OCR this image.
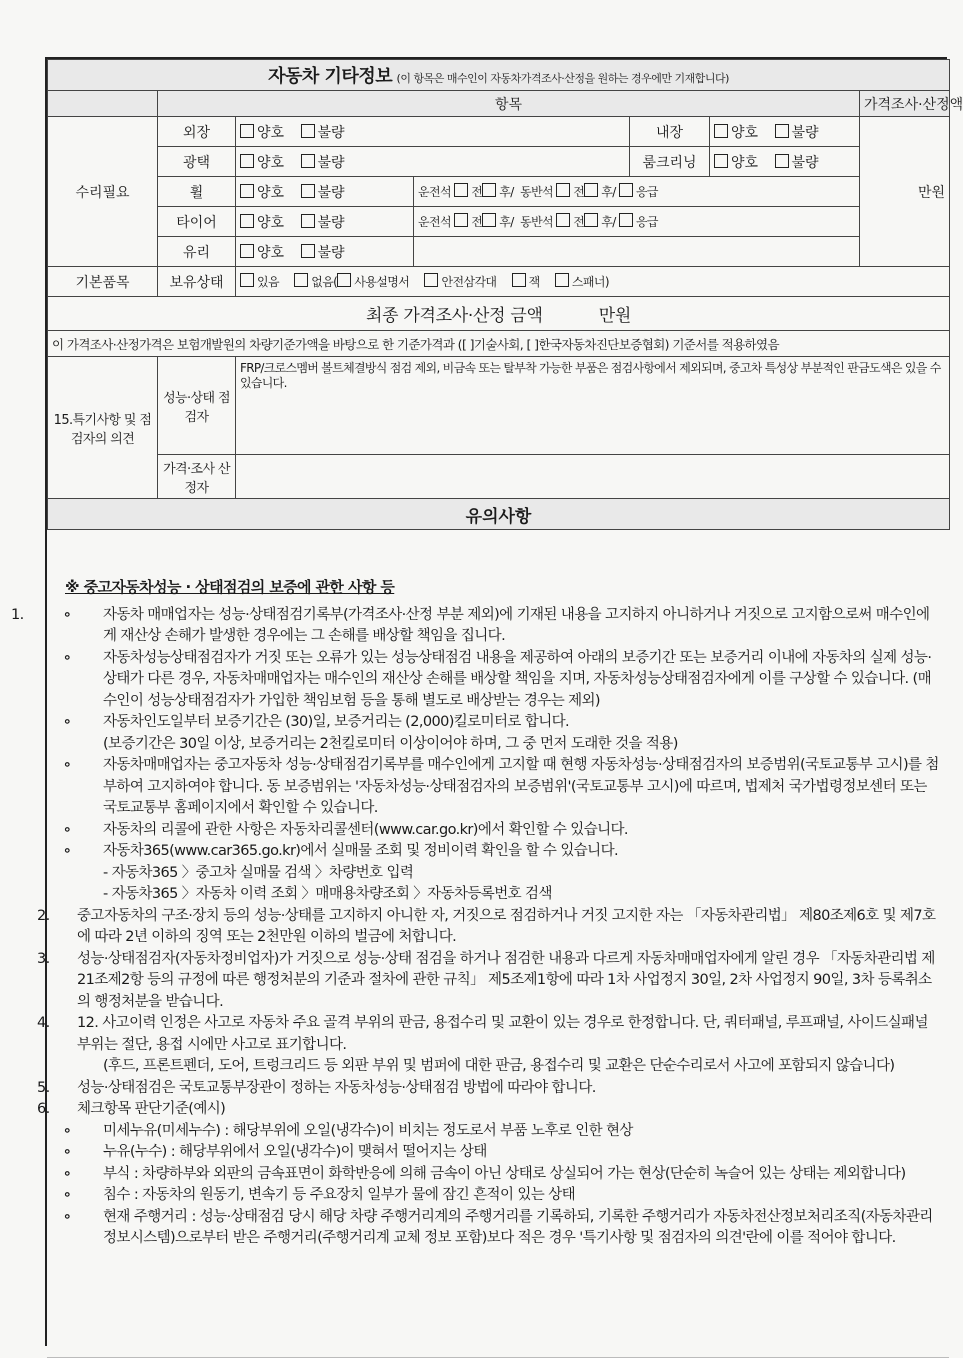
자동차 기타정보 (이 항목은 매수인이 자동차가격조사·산정을 원하는 경우에만 기재합니다)						
	항목					가격조사·산정액
수리필요	외장	양호 불량		내장	양호 불량	만원
	광택	양호 불량		룸크리닝	양호 불량	
	휠	양호 불량	운전석 전 후/ 동반석 전 후/ 응급			
	타이어	양호 불량	운전석 전 후/ 동반석 전 후/ 응급			
	유리	양호 불량				
기본품목	보유상태	있음 없음( 사용설명서 안전삼각대 잭 스패너)				
최종 가격조사·산정 금액 만원						
이 가격조사·산정가격은 보험개발원의 차량기준가액을 바탕으로 한 기준가격과 ([ ]기술사회, [ ]한국자동차진단보증협회) 기준서를 적용하였음						
15.특기사항 및 점검자의 의견	성능·상태 점검자	FRP/크로스멤버 볼트체결방식 점검 제외, 비금속 또는 탈부착 가능한 부품은 점검사항에서 제외되며, 중고차 특성상 부분적인 판금도색은 있을 수 있습니다.				
	가격·조사 산정자					
유의사항						
※ 중고자동차성능 · 상태점검의 보증에 관한 사항 등
1.	∘ 자동차 매매업자는 성능·상태점검기록부(가격조사·산정 부분 제외)에 기재된 내용을 고지하지 아니하거나 거짓으로 고지함으로써 매수인에게 재산상 손해가 발생한 경우에는 그 손해를 배상할 책임을 집니다.
∘ 자동차성능상태점검자가 거짓 또는 오류가 있는 성능상태점검 내용을 제공하여 아래의 보증기간 또는 보증거리 이내에 자동차의 실제 성능·상태가 다른 경우, 자동차매매업자는 매수인의 재산상 손해를 배상할 책임을 지며, 자동차성능상태점검자에게 이를 구상할 수 있습니다. (매수인이 성능상태점검자가 가입한 책임보험 등을 통해 별도로 배상받는 경우는 제외)
∘ 자동차인도일부터 보증기간은 (30)일, 보증거리는 (2,000)킬로미터로 합니다.
(보증기간은 30일 이상, 보증거리는 2천킬로미터 이상이어야 하며, 그 중 먼저 도래한 것을 적용)
∘ 자동차매매업자는 중고자동차 성능·상태점검기록부를 매수인에게 고지할 때 현행 자동차성능·상태점검자의 보증범위(국토교통부 고시)를 첨부하여 고지하여야 합니다. 동 보증범위는 '자동차성능·상태점검자의 보증범위'(국토교통부 고시)에 따르며, 법제처 국가법령정보센터 또는 국토교통부 홈페이지에서 확인할 수 있습니다.
∘ 자동차의 리콜에 관한 사항은 자동차리콜센터(www.car.go.kr)에서 확인할 수 있습니다.
∘ 자동차365(www.car365.go.kr)에서 실매물 조회 및 정비이력 확인을 할 수 있습니다.
- 자동차365 〉중고차 실매물 검색 〉차량번호 입력
- 자동차365 〉자동차 이력 조회 〉매매용차량조회 〉자동차등록번호 검색
2. 중고자동차의 구조·장치 등의 성능·상태를 고지하지 아니한 자, 거짓으로 점검하거나 거짓 고지한 자는 「자동차관리법」 제80조제6호 및 제7호에 따라 2년 이하의 징역 또는 2천만원 이하의 벌금에 처합니다.
3. 성능·상태점검자(자동차정비업자)가 거짓으로 성능·상태 점검을 하거나 점검한 내용과 다르게 자동차매매업자에게 알린 경우 「자동차관리법 제21조제2항 등의 규정에 따른 행정처분의 기준과 절차에 관한 규칙」 제5조제1항에 따라 1차 사업정지 30일, 2차 사업정지 90일, 3차 등록취소의 행정처분을 받습니다.
4. 12. 사고이력 인정은 사고로 자동차 주요 골격 부위의 판금, 용접수리 및 교환이 있는 경우로 한정합니다. 단, 쿼터패널, 루프패널, 사이드실패널 부위는 절단, 용접 시에만 사고로 표기합니다.
(후드, 프론트펜더, 도어, 트렁크리드 등 외판 부위 및 범퍼에 대한 판금, 용접수리 및 교환은 단순수리로서 사고에 포함되지 않습니다)
5. 성능·상태점검은 국토교통부장관이 정하는 자동차성능·상태점검 방법에 따라야 합니다.
6. 체크항목 판단기준(예시)
∘ 미세누유(미세누수) : 해당부위에 오일(냉각수)이 비치는 정도로서 부품 노후로 인한 현상
∘ 누유(누수) : 해당부위에서 오일(냉각수)이 맺혀서 떨어지는 상태
∘ 부식 : 차량하부와 외판의 금속표면이 화학반응에 의해 금속이 아닌 상태로 상실되어 가는 현상(단순히 녹슬어 있는 상태는 제외합니다)
∘ 침수 : 자동차의 원동기, 변속기 등 주요장치 일부가 물에 잠긴 흔적이 있는 상태
∘ 현재 주행거리 : 성능·상태점검 당시 해당 차량 주행거리계의 주행거리를 기록하되, 기록한 주행거리가 자동차전산정보처리조직(자동차관리정보시스템)으로부터 받은 주행거리(주행거리계 교체 정보 포함)보다 적은 경우 '특기사항 및 점검자의 의견'란에 이를 적어야 합니다.
